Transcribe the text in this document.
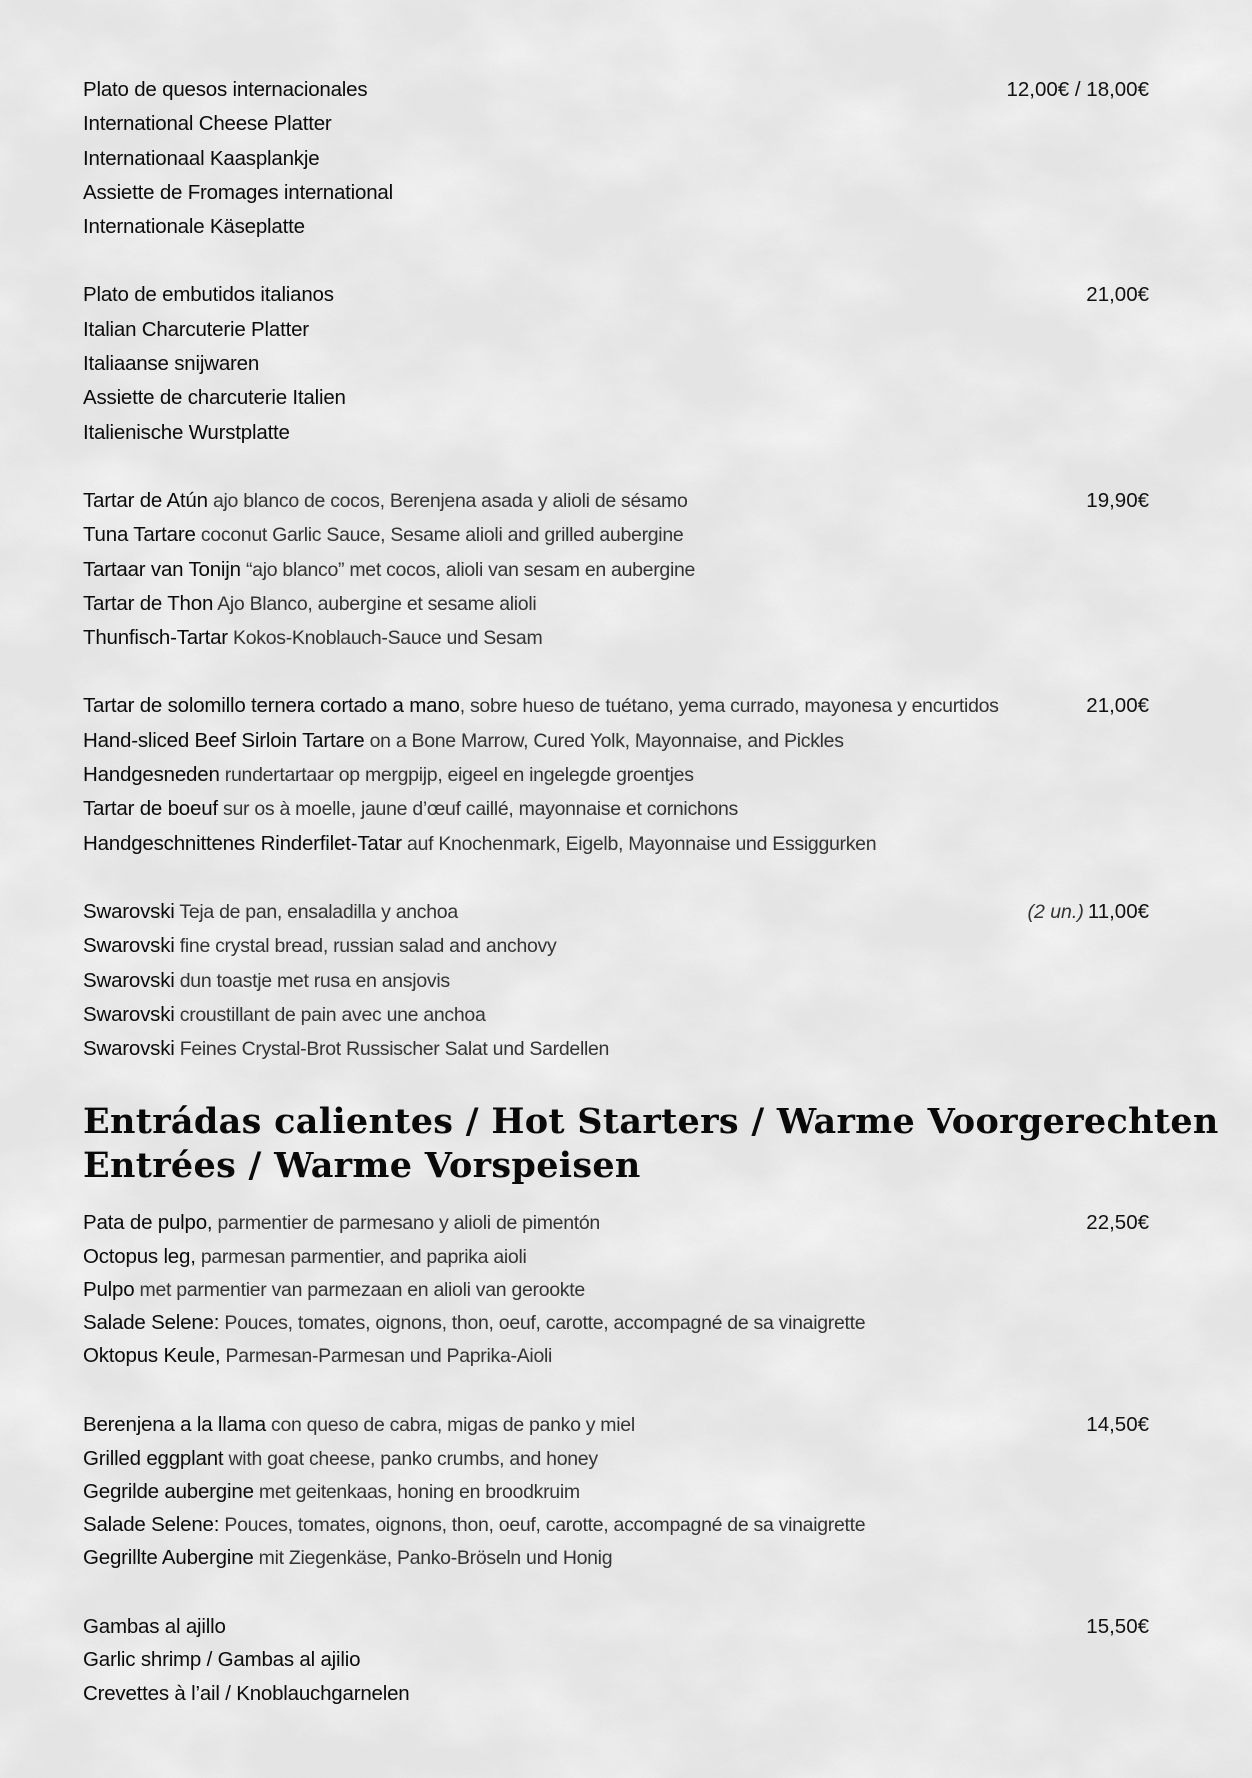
Plato de quesos internacionales	12,00€ / 18,00€
International Cheese Platter
Internationaal Kaasplankje
Assiette de Fromages international
Internationale Käseplatte
Plato de embutidos italianos	21,00€
Italian Charcuterie Platter
Italiaanse snijwaren
Assiette de charcuterie Italien
Italienische Wurstplatte
Tartar de Atún ajo blanco de cocos, Berenjena asada y alioli de sésamo	19,90€
Tuna Tartare coconut Garlic Sauce, Sesame alioli and grilled aubergine
Tartaar van Tonijn “ajo blanco” met cocos, alioli van sesam en aubergine
Tartar de Thon Ajo Blanco, aubergine et sesame alioli
Thunfisch-Tartar Kokos-Knoblauch-Sauce und Sesam
Tartar de solomillo ternera cortado a mano, sobre hueso de tuétano, yema currado, mayonesa y encurtidos	21,00€
Hand-sliced Beef Sirloin Tartare on a Bone Marrow, Cured Yolk, Mayonnaise, and Pickles
Handgesneden rundertartaar op mergpijp, eigeel en ingelegde groentjes
Tartar de boeuf sur os à moelle, jaune d’œuf caillé, mayonnaise et cornichons
Handgeschnittenes Rinderfilet-Tatar auf Knochenmark, Eigelb, Mayonnaise und Essiggurken
Swarovski Teja de pan, ensaladilla y anchoa	(2 un.) 11,00€
Swarovski fine crystal bread, russian salad and anchovy
Swarovski dun toastje met rusa en ansjovis
Swarovski croustillant de pain avec une anchoa
Swarovski Feines Crystal-Brot Russischer Salat und Sardellen
Entrádas calientes / Hot Starters / Warme Voorgerechten
Entrées / Warme Vorspeisen
Pata de pulpo, parmentier de parmesano y alioli de pimentón	22,50€
Octopus leg, parmesan parmentier, and paprika aioli
Pulpo met parmentier van parmezaan en alioli van gerookte
Salade Selene: Pouces, tomates, oignons, thon, oeuf, carotte, accompagné de sa vinaigrette
Oktopus Keule, Parmesan-Parmesan und Paprika-Aioli
Berenjena a la llama con queso de cabra, migas de panko y miel	14,50€
Grilled eggplant with goat cheese, panko crumbs, and honey
Gegrilde aubergine met geitenkaas, honing en broodkruim
Salade Selene: Pouces, tomates, oignons, thon, oeuf, carotte, accompagné de sa vinaigrette
Gegrillte Aubergine mit Ziegenkäse, Panko-Bröseln und Honig
Gambas al ajillo	15,50€
Garlic shrimp / Gambas al ajilio
Crevettes à l’ail / Knoblauchgarnelen
